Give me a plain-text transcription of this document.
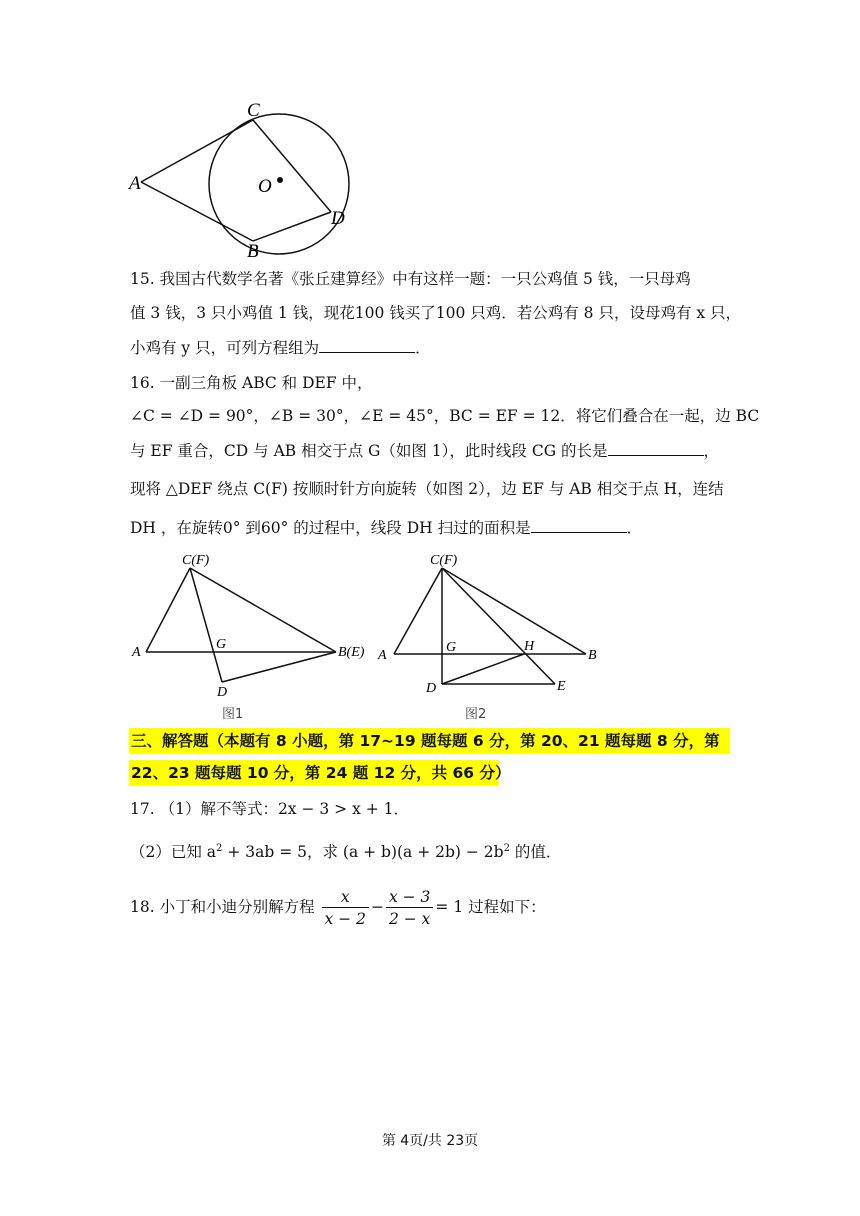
C
A	O
D
B
15. 我国古代数学名著《张丘建算经》中有这样一题：一只公鸡值 5 钱，一只母鸡
值 3 钱，3 只小鸡值 1 钱，现花100 钱买了100 只鸡．若公鸡有 8 只，设母鸡有 x 只，
小鸡有 y 只，可列方程组为	．
16. 一副三角板 ABC 和 DEF 中，
∠C = ∠D = 90°，∠B = 30°，∠E = 45°，BC = EF = 12．将它们叠合在一起，边 BC
与 EF 重合，CD 与 AB 相交于点 G（如图 1），此时线段 CG 的长是	，
现将 △DEF 绕点 C(F) 按顺时针方向旋转（如图 2），边 EF 与 AB 相交于点 H，连结
DH ，在旋转0° 到60° 的过程中，线段 DH 扫过的面积是	．
C(F)
A
G
B(E)
D
图1
C(F)
A
G	H
B
D	E
图2
三、解答题（本题有 8 小题，第 17~19 题每题 6 分，第 20、21 题每题 8 分，第
22、23 题每题 10 分，第 24 题 12 分，共 66 分）
17. （1）解不等式：2x − 3 > x + 1．
（2）已知 $a^2 + 3ab = 5$，求 $(a + b)(a + 2b) - 2b^2$ 的值．
18. 小丁和小迪分别解方程 $\frac{x}{x - 2} - \frac{x - 3}{2 - x} = 1$ 过程如下：
第 4页/共 23页
